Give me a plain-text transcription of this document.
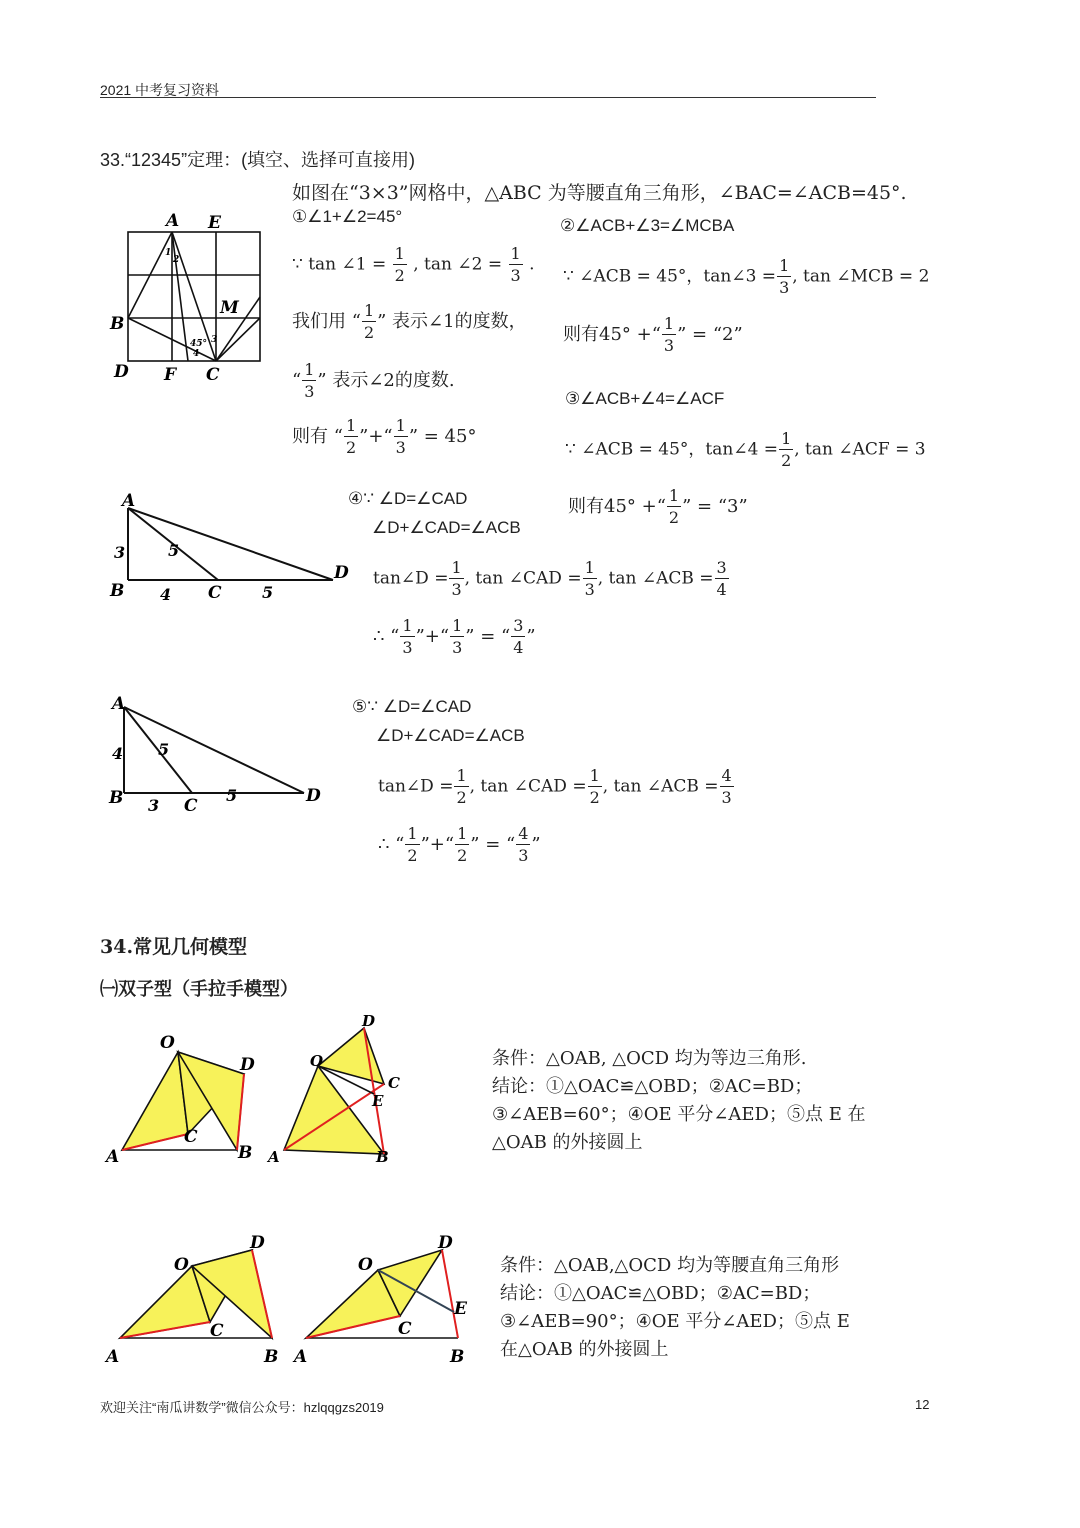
2021 中考复习资料
33.“12345”定理：(填空、选择可直接用)
如图在“3×3”网格中，△ABC 为等腰直角三角形，∠BAC=∠ACB=45°.
A E
B
M
D F C
1
2
45° 3
4
①∠1+∠2=45°
∵ tan ∠1 = $\frac{1}{2}$ , tan ∠2 = $\frac{1}{3}$ .
我们用 “ $\frac{1}{2}$ ” 表示∠1的度数，
“ $\frac{1}{3}$ ” 表示∠2的度数.
则有 “ $\frac{1}{2}$ ”+“ $\frac{1}{3}$ ” = 45°
②∠ACB+∠3=∠MCBA
∵ ∠ACB = 45°，tan∠3 = $\frac{1}{3}$ , tan ∠MCB = 2
则有45° +“ $\frac{1}{3}$ ” = “2”
③∠ACB+∠4=∠ACF
∵ ∠ACB = 45°，tan∠4 = $\frac{1}{2}$ , tan ∠ACF = 3
则有45° +“ $\frac{1}{2}$ ” = “3”
A
B	C
D
3
4
5
5
④∵ ∠D=∠CAD
∠D+∠CAD=∠ACB
tan∠D = $\frac{1}{3}$ , tan ∠CAD = $\frac{1}{3}$ , tan ∠ACB = $\frac{3}{4}$
∴ “ $\frac{1}{3}$ ”+“ $\frac{1}{3}$ ” = “ $\frac{3}{4}$ ”
A
B	C	D
4
3
5
5
⑤∵ ∠D=∠CAD
∠D+∠CAD=∠ACB
tan∠D = $\frac{1}{2}$ , tan ∠CAD = $\frac{1}{2}$ , tan ∠ACB = $\frac{4}{3}$
∴ “ $\frac{1}{2}$ ”+“ $\frac{1}{2}$ ” = “ $\frac{4}{3}$ ”
34.常见几何模型
㈠双子型（手拉手模型）
O
A	B
C
D	O
A	B
C
D
E
条件：△OAB, △OCD 均为等边三角形.
结论：①△OAC≌△OBD；②AC=BD；
③∠AEB=60°；④OE 平分∠AED；⑤点 E 在
△OAB 的外接圆上
O
A	B
C
D
O
A	B
C
D
E
条件：△OAB,△OCD 均为等腰直角三角形
结论：①△OAC≌△OBD；②AC=BD；
③∠AEB=90°；④OE 平分∠AED；⑤点 E
在△OAB 的外接圆上
欢迎关注“南瓜讲数学”微信公众号：hzlqqgzs2019	12
